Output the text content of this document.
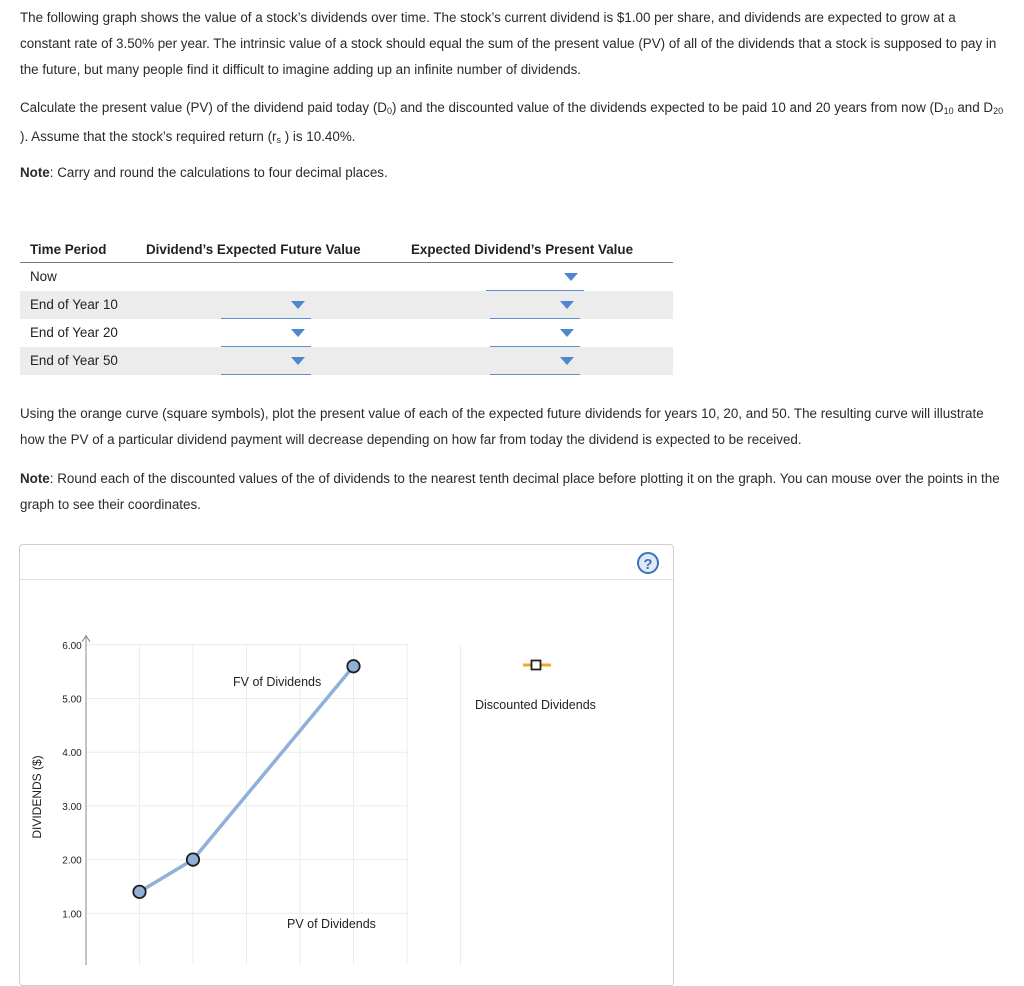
The following graph shows the value of a stock’s dividends over time. The stock’s current dividend is $1.00 per share, and dividends are expected to grow at a constant rate of 3.50% per year. The intrinsic value of a stock should equal the sum of the present value (PV) of all of the dividends that a stock is supposed to pay in the future, but many people find it difficult to imagine adding up an infinite number of dividends.

Calculate the present value (PV) of the dividend paid today $(D_0)$ and the discounted value of the dividends expected to be paid 10 and 20 years from now ($D_{10}$ and $D_{20}$ ). Assume that the stock’s required return ($r_s$ ) is 10.40%.

Note: Carry and round the calculations to four decimal places.

Time Period	Dividend’s Expected Future Value	Expected Dividend’s Present Value
Now
End of Year 10
End of Year 20
End of Year 50

Using the orange curve (square symbols), plot the present value of each of the expected future dividends for years 10, 20, and 50. The resulting curve will illustrate how the PV of a particular dividend payment will decrease depending on how far from today the dividend is expected to be received.

Note: Round each of the discounted values of the of dividends to the nearest tenth decimal place before plotting it on the graph. You can mouse over the points in the graph to see their coordinates.

?
6.00
5.00
4.00
3.00
2.00
1.00
DIVIDENDS ($)
FV of Dividends
PV of Dividends
Discounted Dividends
